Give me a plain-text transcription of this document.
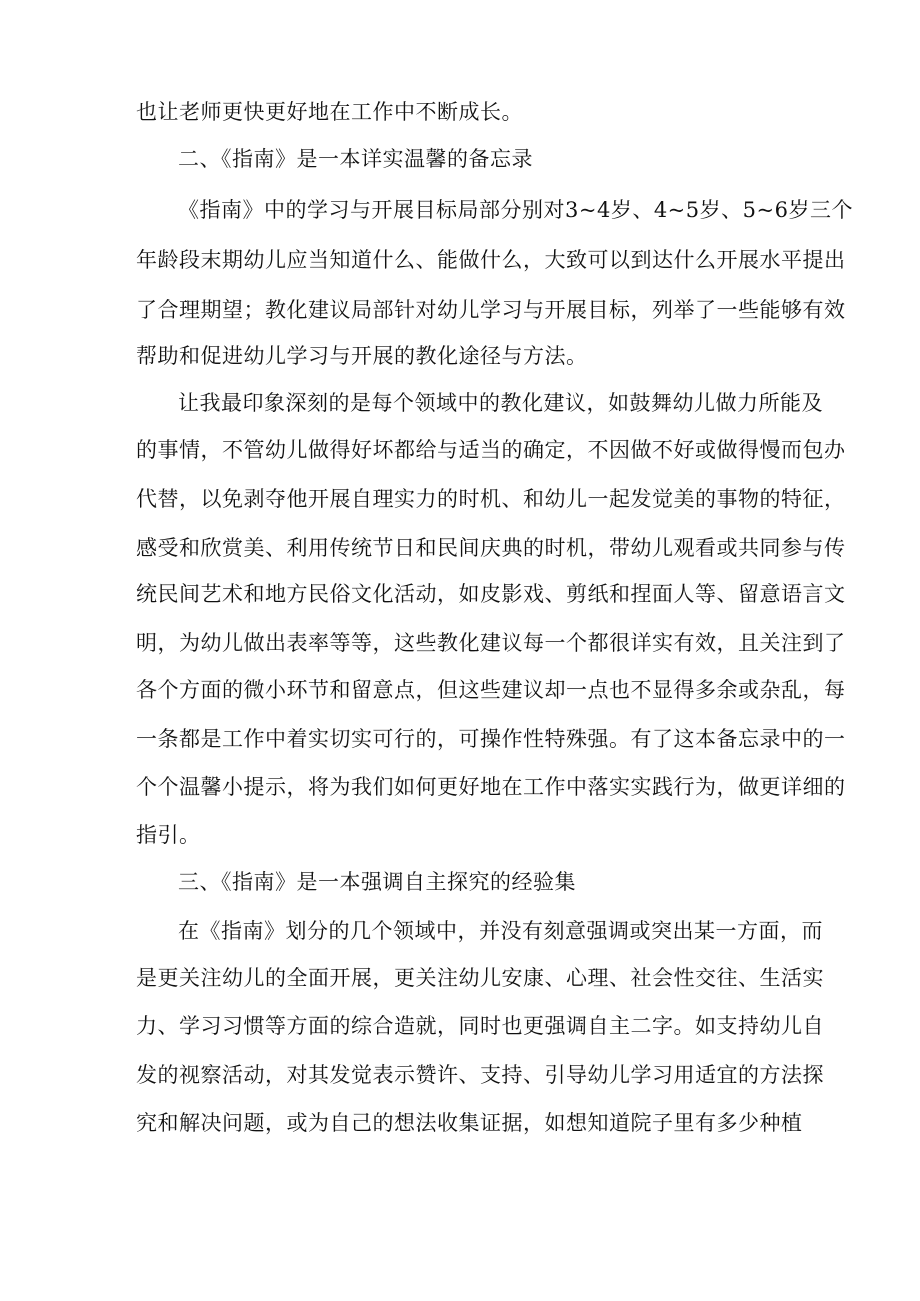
也让老师更快更好地在工作中不断成长。
二、《指南》是一本详实温馨的备忘录
《指南》中的学习与开展目标局部分别对3~4岁、4~5岁、5~6岁三个
年龄段末期幼儿应当知道什么、能做什么，大致可以到达什么开展水平提出
了合理期望；教化建议局部针对幼儿学习与开展目标，列举了一些能够有效
帮助和促进幼儿学习与开展的教化途径与方法。
让我最印象深刻的是每个领域中的教化建议，如鼓舞幼儿做力所能及
的事情，不管幼儿做得好坏都给与适当的确定，不因做不好或做得慢而包办
代替，以免剥夺他开展自理实力的时机、和幼儿一起发觉美的事物的特征，
感受和欣赏美、利用传统节日和民间庆典的时机，带幼儿观看或共同参与传
统民间艺术和地方民俗文化活动，如皮影戏、剪纸和捏面人等、留意语言文
明，为幼儿做出表率等等，这些教化建议每一个都很详实有效，且关注到了
各个方面的微小环节和留意点，但这些建议却一点也不显得多余或杂乱，每
一条都是工作中着实切实可行的，可操作性特殊强。有了这本备忘录中的一
个个温馨小提示，将为我们如何更好地在工作中落实实践行为，做更详细的
指引。
三、《指南》是一本强调自主探究的经验集
在《指南》划分的几个领域中，并没有刻意强调或突出某一方面，而
是更关注幼儿的全面开展，更关注幼儿安康、心理、社会性交往、生活实
力、学习习惯等方面的综合造就，同时也更强调自主二字。如支持幼儿自
发的视察活动，对其发觉表示赞许、支持、引导幼儿学习用适宜的方法探
究和解决问题，或为自己的想法收集证据，如想知道院子里有多少种植
